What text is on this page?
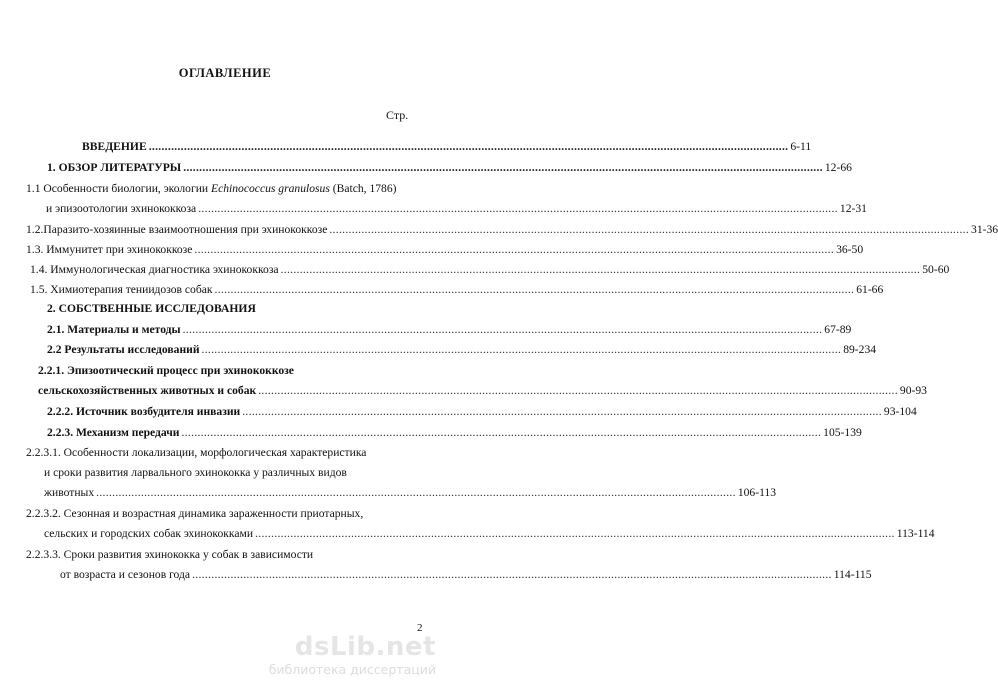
ОГЛАВЛЕНИЕ
Стр.
ВВЕДЕНИЕ ........................................................................................................................................................................................................ 6-11
1. ОБЗОР ЛИТЕРАТУРЫ ........................................................................................................................................................................................................ 12-66
1.1 Особенности биологии, экологии Echinococcus granulosus (Batch, 1786)
и эпизоотологии эхинококкоза ........................................................................................................................................................................................................ 12-31
1.2.Паразито-хозяинные взаимоотношения при эхинококкозе ........................................................................................................................................................................................................ 31-36
1.3. Иммунитет при эхинококкозе ........................................................................................................................................................................................................ 36-50
1.4. Иммунологическая диагностика эхинококкоза ........................................................................................................................................................................................................ 50-60
1.5. Химиотерапия тениидозов собак ........................................................................................................................................................................................................ 61-66
2. СОБСТВЕННЫЕ ИССЛЕДОВАНИЯ
2.1. Материалы и методы ........................................................................................................................................................................................................ 67-89
2.2 Результаты исследований ........................................................................................................................................................................................................ 89-234
2.2.1. Эпизоотический процесс при эхинококкозе
сельскохозяйственных животных и собак ........................................................................................................................................................................................................ 90-93
2.2.2. Источник возбудителя инвазии ........................................................................................................................................................................................................ 93-104
2.2.3. Механизм передачи ........................................................................................................................................................................................................ 105-139
2.2.3.1. Особенности локализации, морфологическая характеристика
и сроки развития ларвального эхинококка у различных видов
животных ........................................................................................................................................................................................................ 106-113
2.2.3.2. Сезонная и возрастная динамика зараженности приотарных,
сельских и городских собак эхинококками ........................................................................................................................................................................................................ 113-114
2.2.3.3. Сроки развития эхинококка у собак в зависимости
от возраста и сезонов года ........................................................................................................................................................................................................ 114-115
2
dsLib.net
библиотека диссертаций
